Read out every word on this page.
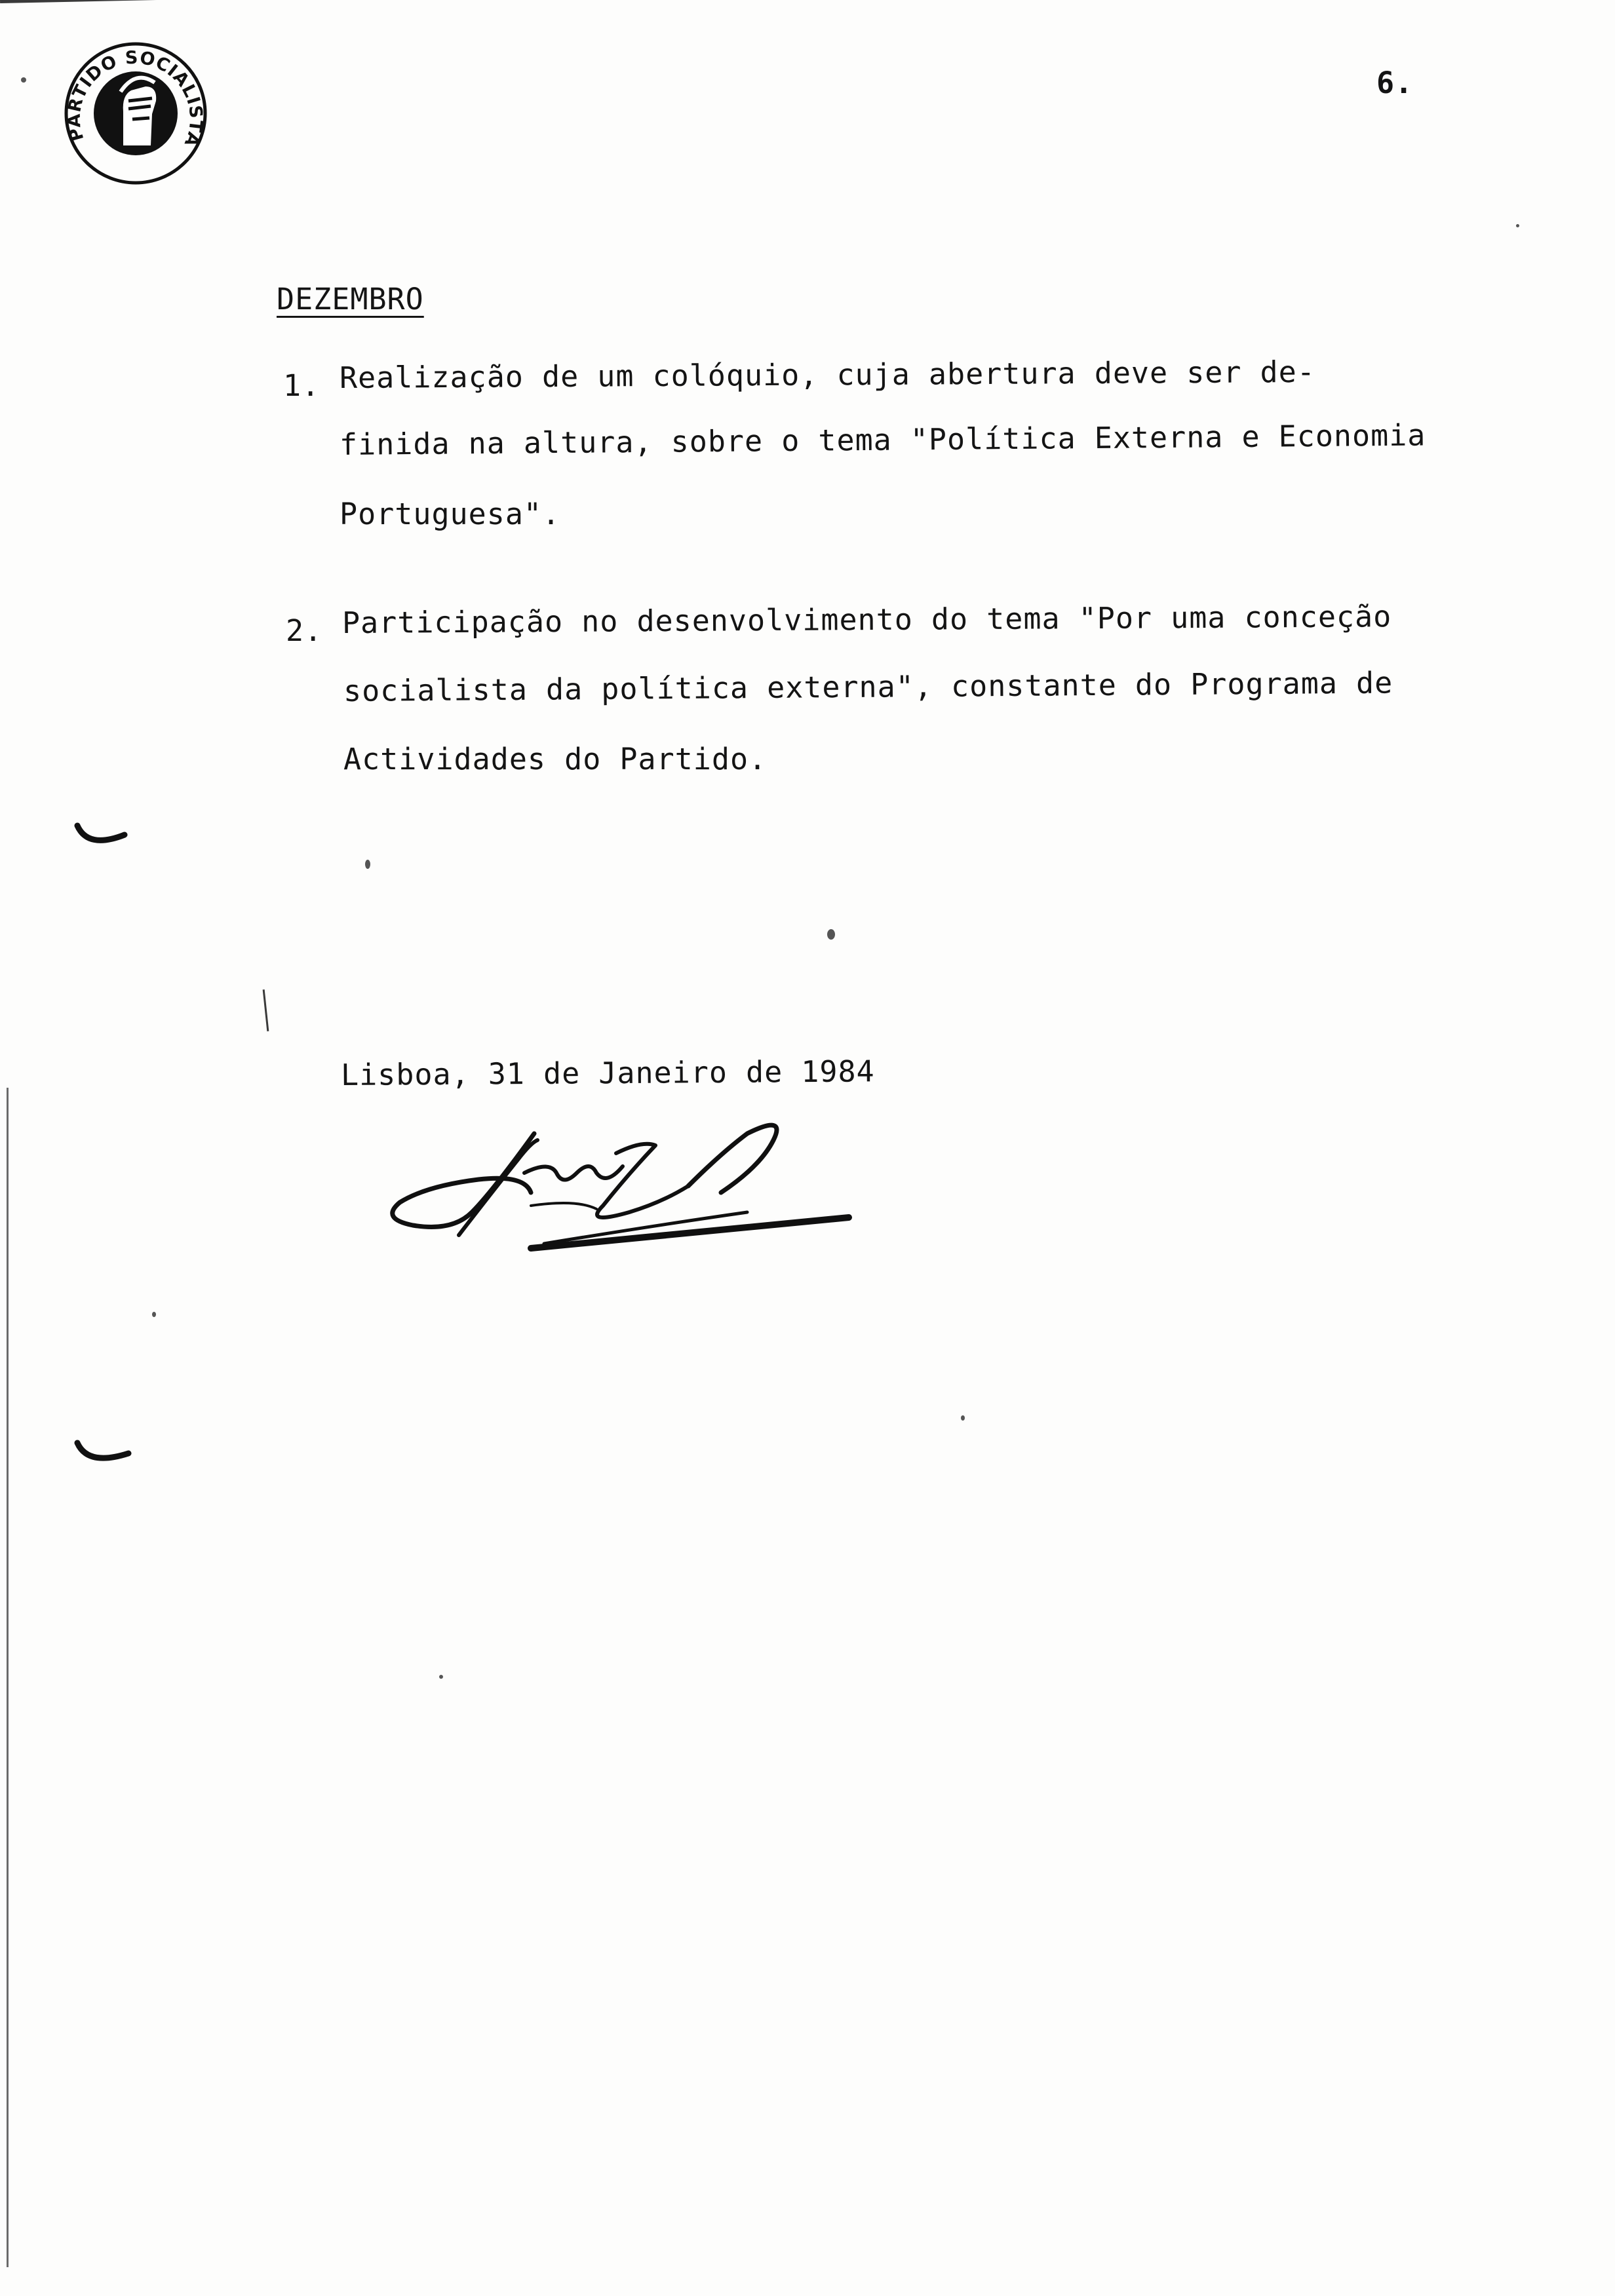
PARTIDO SOCIALISTA
6.
DEZEMBRO
1. Realização de um colóquio, cuja abertura deve ser de-
finida na altura, sobre o tema "Política Externa e Economia
Portuguesa".
2. Participação no desenvolvimento do tema "Por uma conceção
socialista da política externa", constante do Programa de
Actividades do Partido.
Lisboa, 31 de Janeiro de 1984
